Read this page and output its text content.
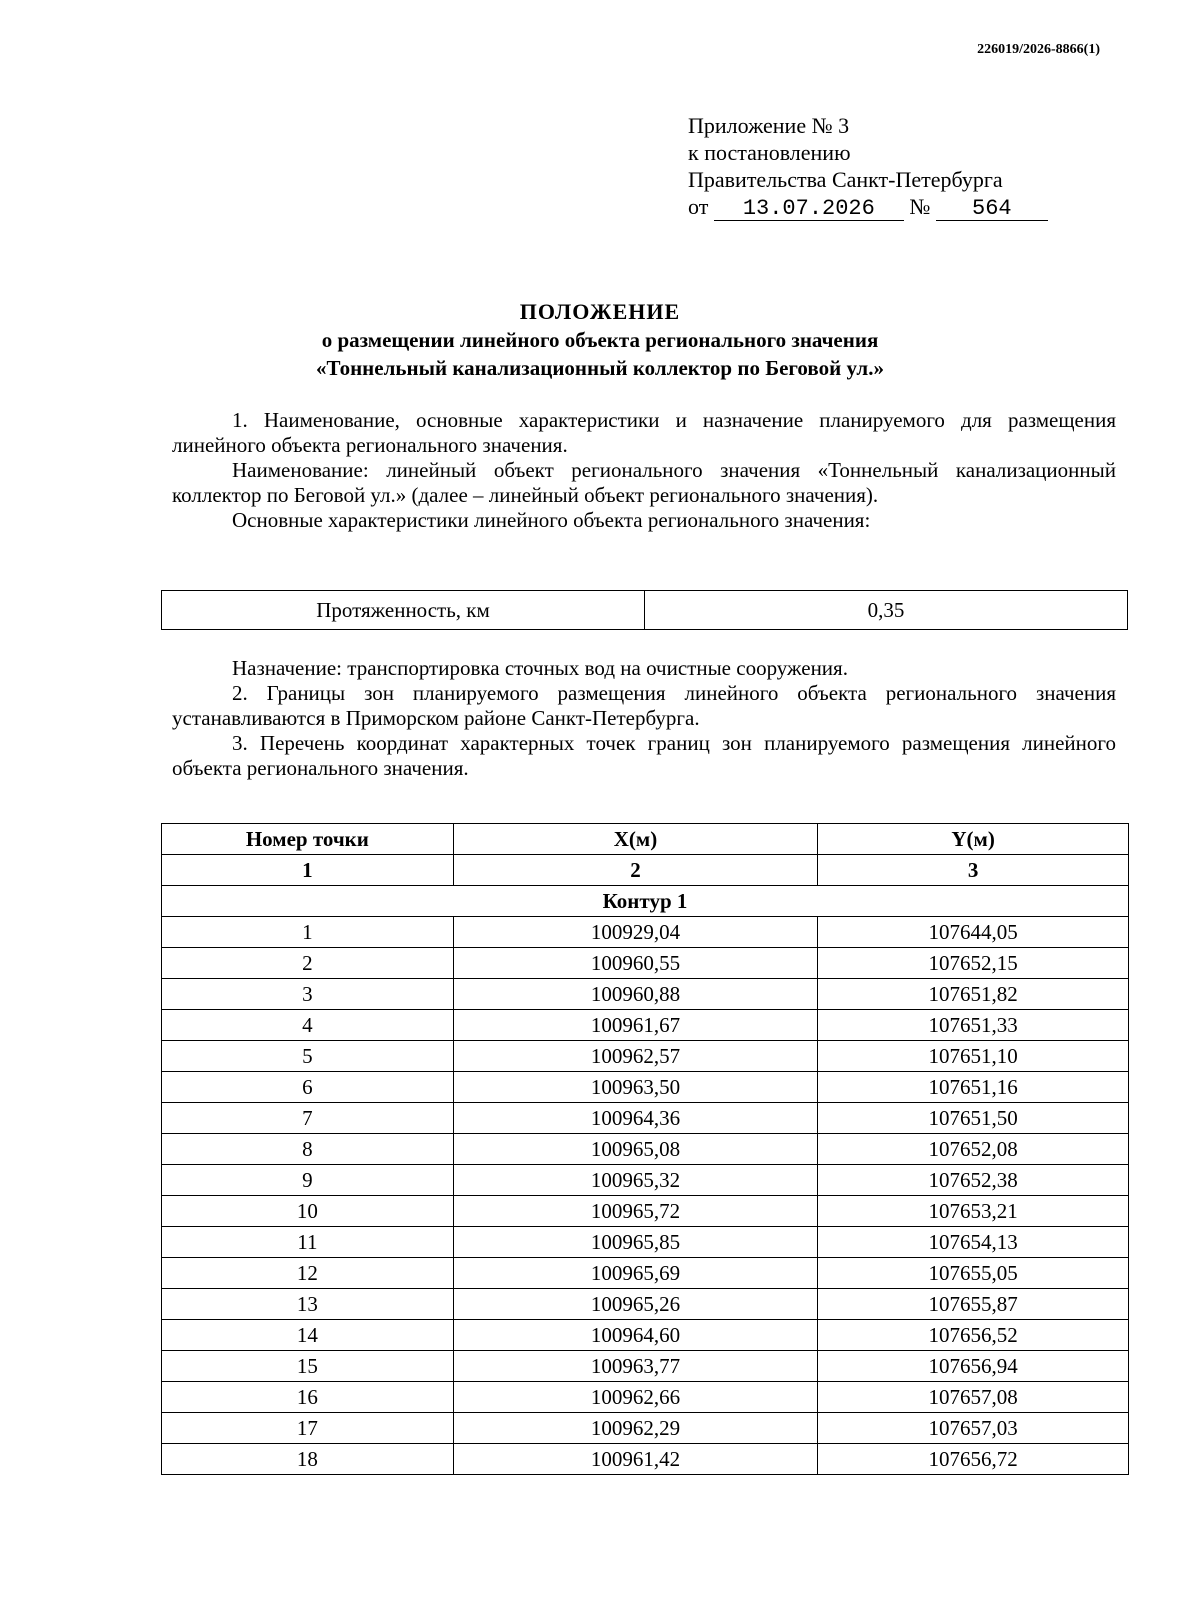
226019/2026-8866(1)
Приложение № 3
к постановлению
Правительства Санкт-Петербурга
от 13.07.2026 № 564
ПОЛОЖЕНИЕ
о размещении линейного объекта регионального значения
«Тоннельный канализационный коллектор по Беговой ул.»

1. Наименование, основные характеристики и назначение планируемого для размещения линейного объекта регионального значения.

Наименование: линейный объект регионального значения «Тоннельный канализационный коллектор по Беговой ул.» (далее – линейный объект регионального значения).

Основные характеристики линейного объекта регионального значения:

Протяженность, км	0,35

Назначение: транспортировка сточных вод на очистные сооружения.

2. Границы зон планируемого размещения линейного объекта регионального значения устанавливаются в Приморском районе Санкт-Петербурга.

3. Перечень координат характерных точек границ зон планируемого размещения линейного объекта регионального значения.

Номер точки	X(м)	Y(м)
1	2	3
Контур 1		
1	100929,04	107644,05
2	100960,55	107652,15
3	100960,88	107651,82
4	100961,67	107651,33
5	100962,57	107651,10
6	100963,50	107651,16
7	100964,36	107651,50
8	100965,08	107652,08
9	100965,32	107652,38
10	100965,72	107653,21
11	100965,85	107654,13
12	100965,69	107655,05
13	100965,26	107655,87
14	100964,60	107656,52
15	100963,77	107656,94
16	100962,66	107657,08
17	100962,29	107657,03
18	100961,42	107656,72
